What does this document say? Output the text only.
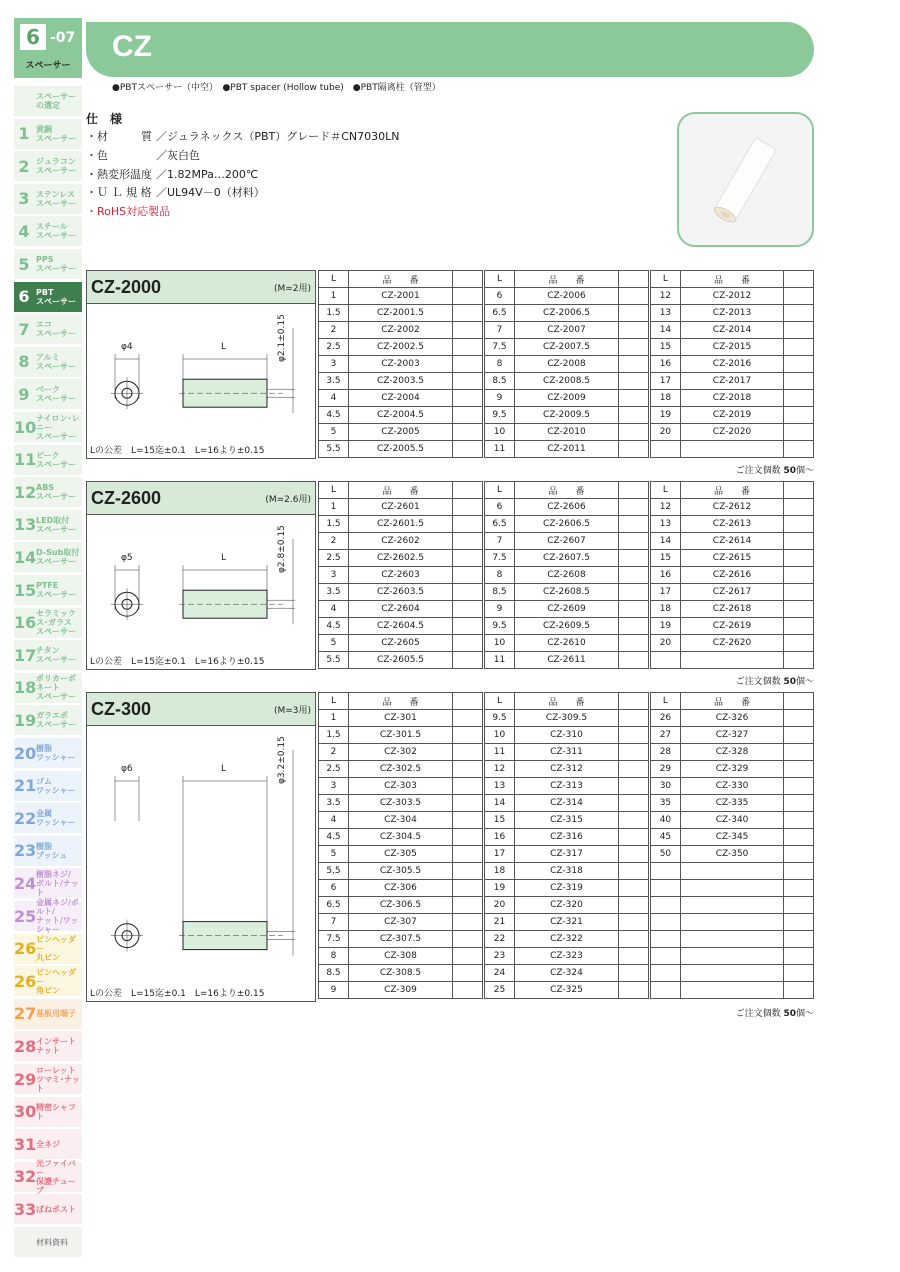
6 -07
スペーサー
スペーサー
の選定
1 黄銅
スペーサー
2 ジュラコン
スペーサー
3 ステンレス
スペーサー
4 スチール
スペーサー
5 PPS
スペーサー
6 PBT
スペーサー
7 エコ
スペーサー
8 アルミ
スペーサー
9 ベーク
スペーサー
10 ナイロン･レニー
スペーサー
11 ピーク
スペーサー
12 ABS
スペーサー
13 LED取付
スペーサー
14 D-Sub取付
スペーサー
15 PTFE
スペーサー
16 セラミックス･ガラス
スペーサー
17 チタン
スペーサー
18 ポリカーボネート
スペーサー
19 ガラエポ
スペーサー
20 樹脂
ワッシャー
21 ゴム
ワッシャー
22 金属
ワッシャー
23 樹脂
ブッシュ
24 樹脂ネジ/
ボルト/ナット
25
金属ネジ/ボルト/
ナット/ワッシャー
26 ピンヘッダー
丸ピン
26 ピンヘッダー
角ピン
27 基板用端子
28 インサート
ナット
29 ローレット
ツマミ･ナット
30 精密シャフト
31 全ネジ
32
光ファイバー
保護チューブ
33 ばねポスト
材料資料
CZ
●PBTスペーサー（中空）　●PBT spacer (Hollow tube)　●PBT隔离柱（管型）
仕　様
・材　　　質 ／ジュラネックス（PBT）グレード＃CN7030LN
・色	／灰白色
・熱変形温度 ／1.82MPa…200℃
・Ｕ Ｌ 規 格 ／UL94V－0（材料）
・RoHS対応製品
CZ-2000	(M=2用)
φ4	L	φ2.1±0.15
Lの公差　L=15迄±0.1　L=16より±0.15
L	品　　番	
1	CZ-2001	
1.5	CZ-2001.5	
2	CZ-2002	
2.5	CZ-2002.5	
3	CZ-2003	
3.5	CZ-2003.5	
4	CZ-2004	
4.5	CZ-2004.5	
5	CZ-2005	
5.5	CZ-2005.5	
L	品　　番	
6	CZ-2006	
6.5	CZ-2006.5	
7	CZ-2007	
7.5	CZ-2007.5	
8	CZ-2008	
8.5	CZ-2008.5	
9	CZ-2009	
9.5	CZ-2009.5	
10	CZ-2010	
11	CZ-2011	
L	品　　番	
12	CZ-2012	
13	CZ-2013	
14	CZ-2014	
15	CZ-2015	
16	CZ-2016	
17	CZ-2017	
18	CZ-2018	
19	CZ-2019	
20	CZ-2020	

ご注文個数 50個〜
CZ-2600	(M=2.6用)
φ5	L	φ2.8±0.15
Lの公差　L=15迄±0.1　L=16より±0.15
L	品　　番	
1	CZ-2601	
1.5	CZ-2601.5	
2	CZ-2602	
2.5	CZ-2602.5	
3	CZ-2603	
3.5	CZ-2603.5	
4	CZ-2604	
4.5	CZ-2604.5	
5	CZ-2605	
5.5	CZ-2605.5	
L	品　　番	
6	CZ-2606	
6.5	CZ-2606.5	
7	CZ-2607	
7.5	CZ-2607.5	
8	CZ-2608	
8.5	CZ-2608.5	
9	CZ-2609	
9.5	CZ-2609.5	
10	CZ-2610	
11	CZ-2611	
L	品　　番	
12	CZ-2612	
13	CZ-2613	
14	CZ-2614	
15	CZ-2615	
16	CZ-2616	
17	CZ-2617	
18	CZ-2618	
19	CZ-2619	
20	CZ-2620	

ご注文個数 50個〜
CZ-300	(M=3用)
φ6	L	φ3.2±0.15
Lの公差　L=15迄±0.1　L=16より±0.15
L	品　　番	
1	CZ-301	
1.5	CZ-301.5	
2	CZ-302	
2.5	CZ-302.5	
3	CZ-303	
3.5	CZ-303.5	
4	CZ-304	
4.5	CZ-304.5	
5	CZ-305	
5.5	CZ-305.5	
6	CZ-306	
6.5	CZ-306.5	
7	CZ-307	
7.5	CZ-307.5	
8	CZ-308	
8.5	CZ-308.5	
9	CZ-309	
L	品　　番	
9.5	CZ-309.5	
10	CZ-310	
11	CZ-311	
12	CZ-312	
13	CZ-313	
14	CZ-314	
15	CZ-315	
16	CZ-316	
17	CZ-317	
18	CZ-318	
19	CZ-319	
20	CZ-320	
21	CZ-321	
22	CZ-322	
23	CZ-323	
24	CZ-324	
25	CZ-325	
L	品　　番	
26	CZ-326	
27	CZ-327	
28	CZ-328	
29	CZ-329	
30	CZ-330	
35	CZ-335	
40	CZ-340	
45	CZ-345	
50	CZ-350	

ご注文個数 50個〜
